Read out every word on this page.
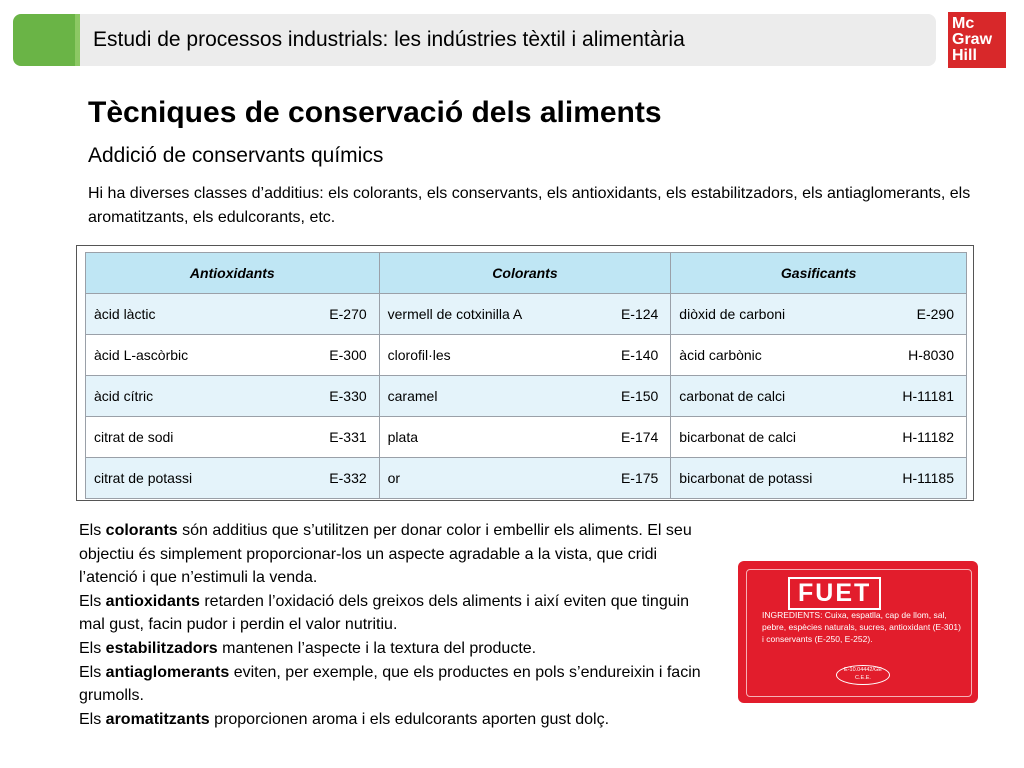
Estudi de processos industrials: les indústries tèxtil i alimentària
Mc
Graw
Hill
Tècniques de conservació dels aliments
Addició de conservants químics
Hi ha diverses classes d’additius: els colorants, els conservants, els antioxidants, els estabilitzadors, els antiaglomerants, els aromatitzants, els edulcorants, etc.
Antioxidants	Colorants	Gasificants

àcid làctic E-270	vermell de cotxinilla A E-124	diòxid de carboni E-290

àcid L-ascòrbic E-300	clorofil·les E-140	àcid carbònic H-8030

àcid cítric E-330	caramel E-150	carbonat de calci H-11181

citrat de sodi E-331	plata E-174	bicarbonat de calci H-11182

citrat de potassi E-332	or E-175	bicarbonat de potassi H-11185

Els colorants són additius que s’utilitzen per donar color i embellir els aliments. El seu objectiu és simplement proporcionar-los un aspecte agradable a la vista, que cridi l’atenció i que n’estimuli la venda.

Els antioxidants retarden l’oxidació dels greixos dels aliments i així eviten que tinguin mal gust, facin pudor i perdin el valor nutritiu.

Els estabilitzadors mantenen l’aspecte i la textura del producte.

Els antiaglomerants eviten, per exemple, que els productes en pols s’endureixin i facin grumolls.

Els aromatitzants proporcionen aroma i els edulcorants aporten gust dolç.

FUET
INGREDIENTS: Cuixa, espatlla, cap de llom, sal, pebre, espècies naturals, sucres, antioxidant (E-301) i conservants (E-250, E-252).
E-10.04442/GE C.E.E.
